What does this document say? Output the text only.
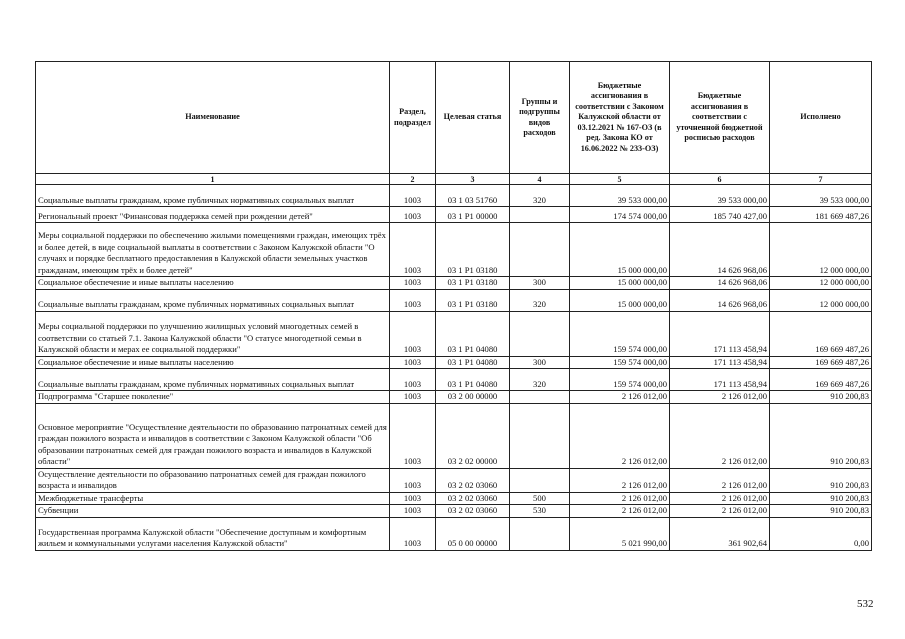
Наименование	Раздел, подраздел	Целевая статья	Группы и подгруппы видов расходов	Бюджетные ассигнования в соответствии с Законом Калужской области от 03.12.2021 № 167-ОЗ (в ред. Закона КО от 16.06.2022 № 233-ОЗ)	Бюджетные ассигнования в соответствии с уточненной бюджетной росписью расходов	Исполнено
1	2	3	4	5	6	7
Социальные выплаты гражданам, кроме публичных нормативных социальных выплат	1003	03 1 03 51760	320	39 533 000,00	39 533 000,00	39 533 000,00
Региональный проект "Финансовая поддержка семей при рождении детей"	1003	03 1 P1 00000		174 574 000,00	185 740 427,00	181 669 487,26
Меры социальной поддержки по обеспечению жилыми помещениями граждан, имеющих трёх и более детей, в виде социальной выплаты в соответствии с Законом Калужской области "О случаях и порядке бесплатного предоставления в Калужской области земельных участков гражданам, имеющим трёх и более детей"	1003	03 1 P1 03180		15 000 000,00	14 626 968,06	12 000 000,00
Социальное обеспечение и иные выплаты населению	1003	03 1 P1 03180	300	15 000 000,00	14 626 968,06	12 000 000,00
Социальные выплаты гражданам, кроме публичных нормативных социальных выплат	1003	03 1 P1 03180	320	15 000 000,00	14 626 968,06	12 000 000,00
Меры социальной поддержки по улучшению жилищных условий многодетных семей в соответствии со статьей 7.1. Закона Калужской области "О статусе многодетной семьи в Калужской области и мерах ее социальной поддержки"	1003	03 1 P1 04080		159 574 000,00	171 113 458,94	169 669 487,26
Социальное обеспечение и иные выплаты населению	1003	03 1 P1 04080	300	159 574 000,00	171 113 458,94	169 669 487,26
Социальные выплаты гражданам, кроме публичных нормативных социальных выплат	1003	03 1 P1 04080	320	159 574 000,00	171 113 458,94	169 669 487,26
Подпрограмма "Старшее поколение"	1003	03 2 00 00000		2 126 012,00	2 126 012,00	910 200,83
Основное мероприятие "Осуществление деятельности по образованию патронатных семей для граждан пожилого возраста и инвалидов в соответствии с Законом Калужской области "Об образовании патронатных семей для граждан пожилого возраста и инвалидов в Калужской области"	1003	03 2 02 00000		2 126 012,00	2 126 012,00	910 200,83
Осуществление деятельности по образованию патронатных семей для граждан пожилого возраста и инвалидов	1003	03 2 02 03060		2 126 012,00	2 126 012,00	910 200,83
Межбюджетные трансферты	1003	03 2 02 03060	500	2 126 012,00	2 126 012,00	910 200,83
Субвенции	1003	03 2 02 03060	530	2 126 012,00	2 126 012,00	910 200,83
Государственная программа Калужской области "Обеспечение доступным и комфортным жильем и коммунальными услугами населения Калужской области"	1003	05 0 00 00000		5 021 990,00	361 902,64	0,00
532
